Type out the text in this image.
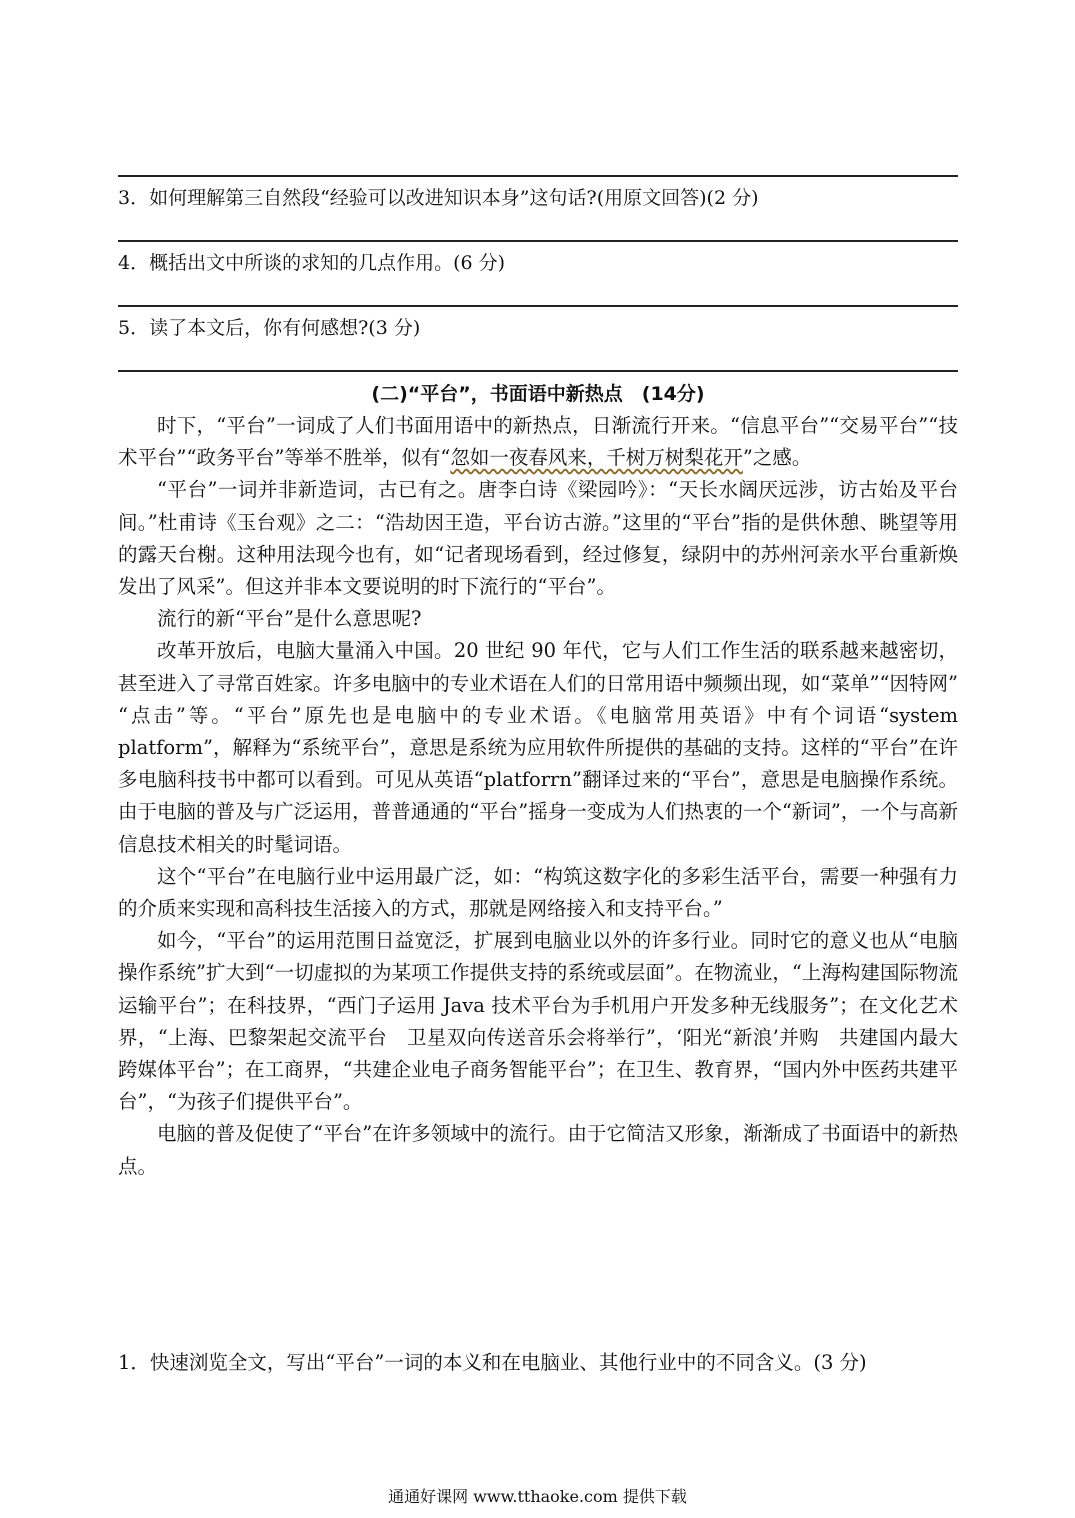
3．如何理解第三自然段“经验可以改进知识本身”这句话?(用原文回答)(2 分)
4．概括出文中所谈的求知的几点作用。(6 分)
5．读了本文后，你有何感想?(3 分)
(二)“平台”，书面语中新热点　(14分)

时下，“平台”一词成了人们书面用语中的新热点，日渐流行开来。“信息平台”“交易平台”“技术平台”“政务平台”等举不胜举，似有“忽如一夜春风来，千树万树梨花开”之感。

“平台”一词并非新造词，古已有之。唐李白诗《梁园吟》：“天长水阔厌远涉，访古始及平台间。”杜甫诗《玉台观》之二：“浩劫因王造，平台访古游。”这里的“平台”指的是供休憩、眺望等用的露天台榭。这种用法现今也有，如“记者现场看到，经过修复，绿阴中的苏州河亲水平台重新焕发出了风采”。但这并非本文要说明的时下流行的“平台”。

流行的新“平台”是什么意思呢?

改革开放后，电脑大量涌入中国。20 世纪 90 年代，它与人们工作生活的联系越来越密切，甚至进入了寻常百姓家。许多电脑中的专业术语在人们的日常用语中频频出现，如“菜单”“因特网” “点击”等。“平台”原先也是电脑中的专业术语。《电脑常用英语》中有个词语“system platform”，解释为“系统平台”，意思是系统为应用软件所提供的基础的支持。这样的“平台”在许多电脑科技书中都可以看到。可见从英语“platforrn”翻译过来的“平台”，意思是电脑操作系统。由于电脑的普及与广泛运用，普普通通的“平台”摇身一变成为人们热衷的一个“新词”，一个与高新信息技术相关的时髦词语。

这个“平台”在电脑行业中运用最广泛，如：“构筑这数字化的多彩生活平台，需要一种强有力的介质来实现和高科技生活接入的方式，那就是网络接入和支持平台。”

如今，“平台”的运用范围日益宽泛，扩展到电脑业以外的许多行业。同时它的意义也从“电脑操作系统”扩大到“一切虚拟的为某项工作提供支持的系统或层面”。在物流业，“上海构建国际物流运输平台”；在科技界，“西门子运用 Java 技术平台为手机用户开发多种无线服务”；在文化艺术界，“上海、巴黎架起交流平台　卫星双向传送音乐会将举行”，‘阳光“新浪’并购　共建国内最大跨媒体平台”；在工商界，“共建企业电子商务智能平台”；在卫生、教育界，“国内外中医药共建平台”，“为孩子们提供平台”。

电脑的普及促使了“平台”在许多领域中的流行。由于它简洁又形象，渐渐成了书面语中的新热点。

1．快速浏览全文，写出“平台”一词的本义和在电脑业、其他行业中的不同含义。(3 分)
通通好课网 www.tthaoke.com 提供下载
